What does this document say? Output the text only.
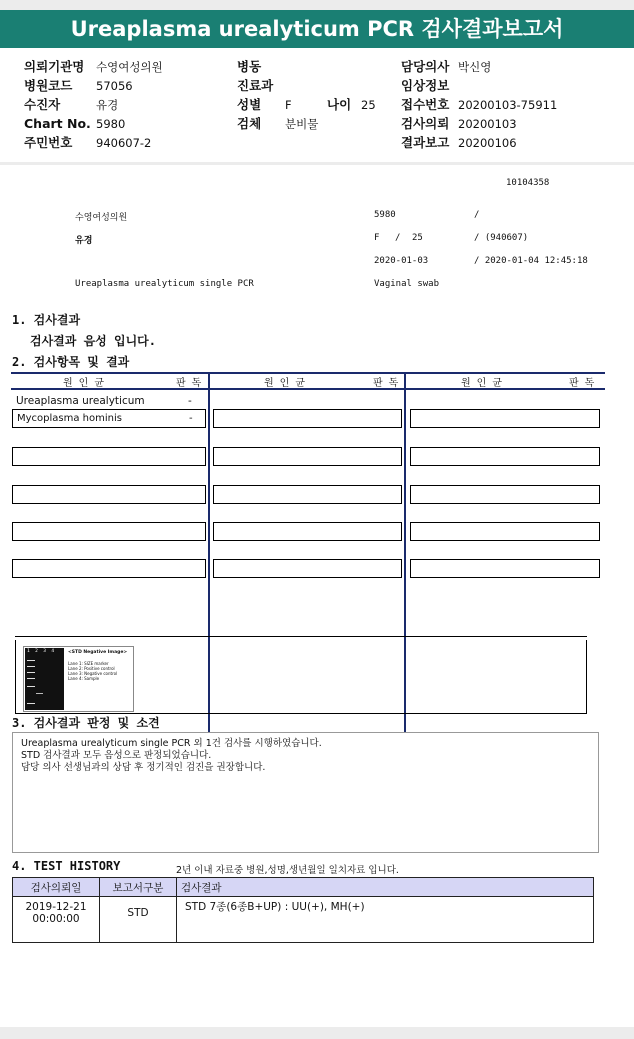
Ureaplasma urealyticum PCR 검사결과보고서
의뢰기관명 수영여성의원
병원코드 57056
수진자	유경
Chart No. 5980
주민번호 940607-2
병동
진료과
성별 F	나이 25
검체 분비물
담당의사 박신영
임상정보
접수번호 20200103-75911
검사의뢰 20200103
결과보고 20200106
10104358
수영여성의원	5980	/
유경	F / 25	/ (940607)
2020-01-03	/ 2020-01-04 12:45:18
Ureaplasma urealyticum single PCR	Vaginal swab
1. 검사결과
검사결과 음성 입니다.
2. 검사항목 및 결과
원 인 균	판 독	원 인 균	판 독	원 인 균	판 독
Ureaplasma urealyticum	-
Mycoplasma hominis	-
1  2  3  4	<STD Negative Image>
Lane 1: SIZE marker
Lane 2: Positive control
Lane 3: Negative control
Lane 4: Sample
3. 검사결과 판정 및 소견
Ureaplasma urealyticum single PCR 외 1건 검사를 시행하였습니다.
STD 검사결과 모두 음성으로 판정되었습니다.
담당 의사 선생님과의 상담 후 정기적인 검진을 권장합니다.
4. TEST HISTORY	2년 이내 자료중 병원,성명,생년월일 일치자료 입니다.
검사의뢰일	보고서구분	검사결과

2019-12-21
00:00:00	STD	STD 7종(6종B+UP) : UU(+), MH(+)
